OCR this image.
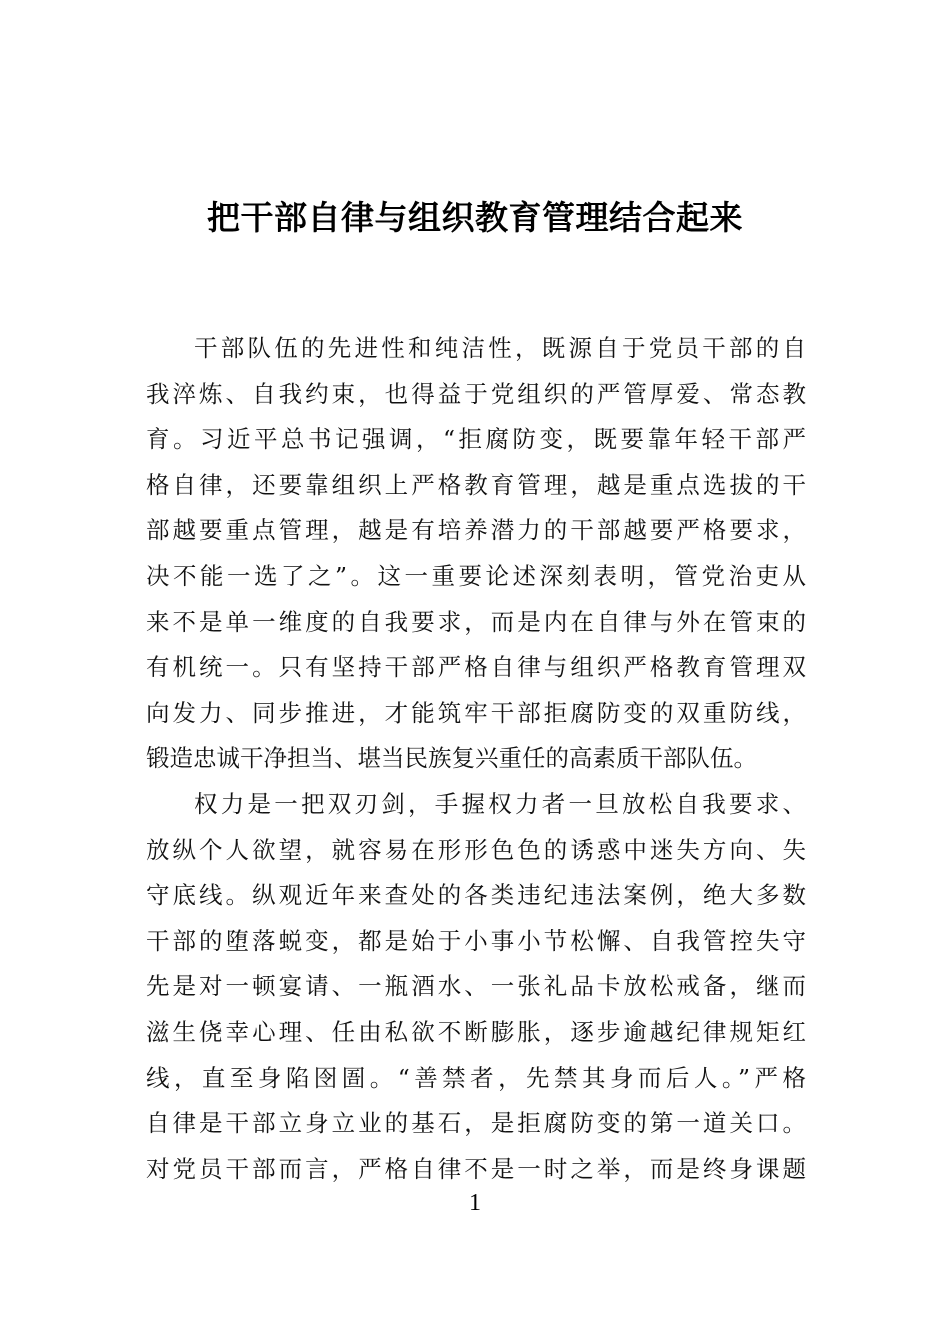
把干部自律与组织教育管理结合起来
干部队伍的先进性和纯洁性，既源自于党员干部的自
我淬炼、自我约束，也得益于党组织的严管厚爱、常态教
育。习近平总书记强调，“拒腐防变，既要靠年轻干部严
格自律，还要靠组织上严格教育管理，越是重点选拔的干
部越要重点管理，越是有培养潜力的干部越要严格要求，
决不能一选了之”。这一重要论述深刻表明，管党治吏从
来不是单一维度的自我要求，而是内在自律与外在管束的
有机统一。只有坚持干部严格自律与组织严格教育管理双
向发力、同步推进，才能筑牢干部拒腐防变的双重防线，
锻造忠诚干净担当、堪当民族复兴重任的高素质干部队伍。
权力是一把双刃剑，手握权力者一旦放松自我要求、
放纵个人欲望，就容易在形形色色的诱惑中迷失方向、失
守底线。纵观近年来查处的各类违纪违法案例，绝大多数
干部的堕落蜕变，都是始于小事小节松懈、自我管控失守
先是对一顿宴请、一瓶酒水、一张礼品卡放松戒备，继而
滋生侥幸心理、任由私欲不断膨胀，逐步逾越纪律规矩红
线，直至身陷囹圄。“善禁者，先禁其身而后人。”严格
自律是干部立身立业的基石，是拒腐防变的第一道关口。
对党员干部而言，严格自律不是一时之举，而是终身课题
1
